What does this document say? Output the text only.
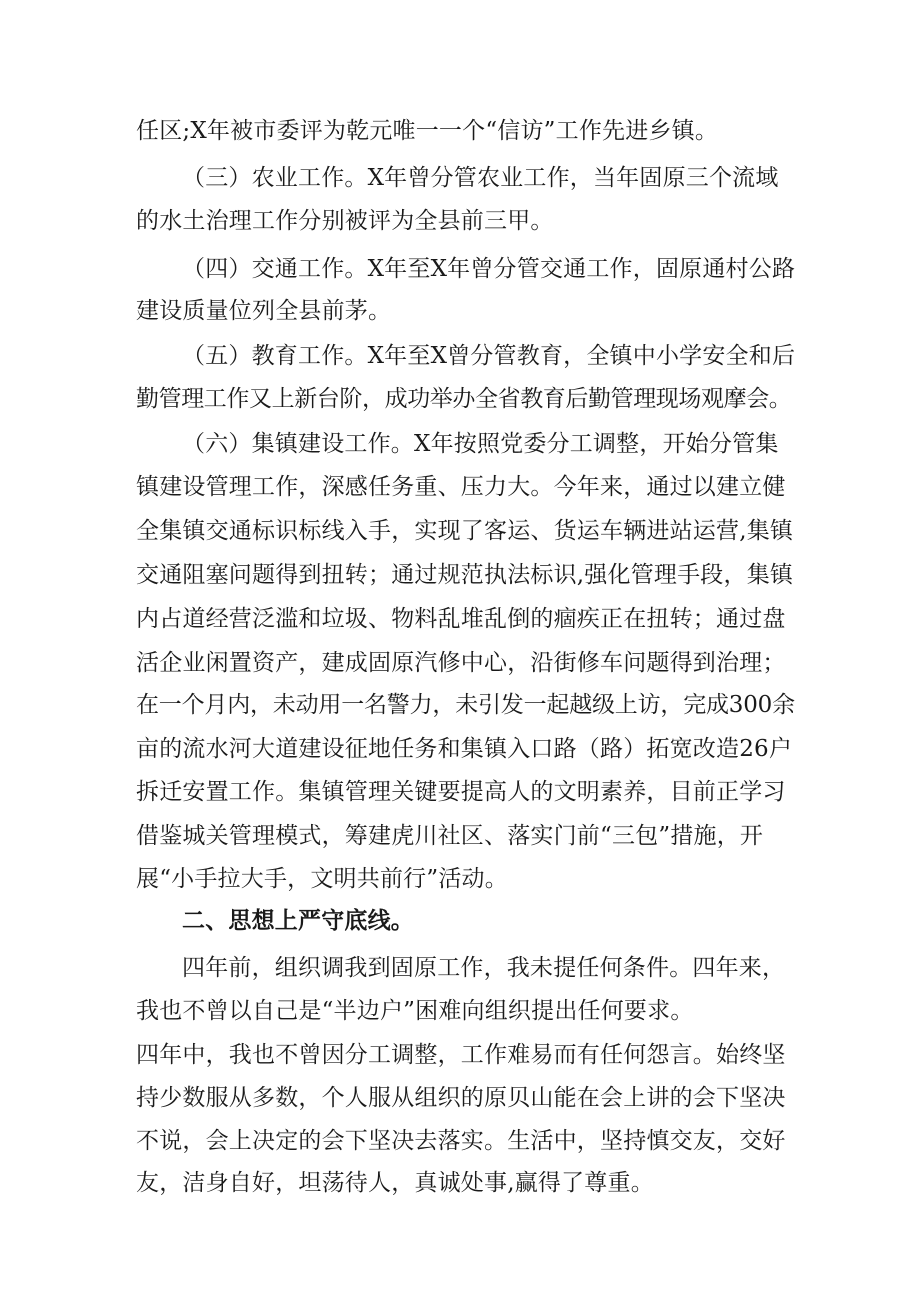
任区;X年被市委评为乾元唯一一个“信访”工作先进乡镇。
（三）农业工作。X年曾分管农业工作，当年固原三个流域
的水土治理工作分别被评为全县前三甲。
（四）交通工作。X年至X年曾分管交通工作，固原通村公路
建设质量位列全县前茅。
（五）教育工作。X年至X曾分管教育，全镇中小学安全和后
勤管理工作又上新台阶，成功举办全省教育后勤管理现场观摩会。
（六）集镇建设工作。X年按照党委分工调整，开始分管集
镇建设管理工作，深感任务重、压力大。今年来，通过以建立健
全集镇交通标识标线入手，实现了客运、货运车辆进站运营,集镇
交通阻塞问题得到扭转；通过规范执法标识,强化管理手段，集镇
内占道经营泛滥和垃圾、物料乱堆乱倒的痼疾正在扭转；通过盘
活企业闲置资产，建成固原汽修中心，沿街修车问题得到治理；
在一个月内，未动用一名警力，未引发一起越级上访，完成300余
亩的流水河大道建设征地任务和集镇入口路（路）拓宽改造26户
拆迁安置工作。集镇管理关键要提高人的文明素养，目前正学习
借鉴城关管理模式，筹建虎川社区、落实门前“三包”措施，开
展“小手拉大手，文明共前行”活动。
二、思想上严守底线。
四年前，组织调我到固原工作，我未提任何条件。四年来，
我也不曾以自己是“半边户”困难向组织提出任何要求。
四年中，我也不曾因分工调整，工作难易而有任何怨言。始终坚
持少数服从多数，个人服从组织的原贝山能在会上讲的会下坚决
不说，会上决定的会下坚决去落实。生活中，坚持慎交友，交好
友，洁身自好，坦荡待人，真诚处事,赢得了尊重。
